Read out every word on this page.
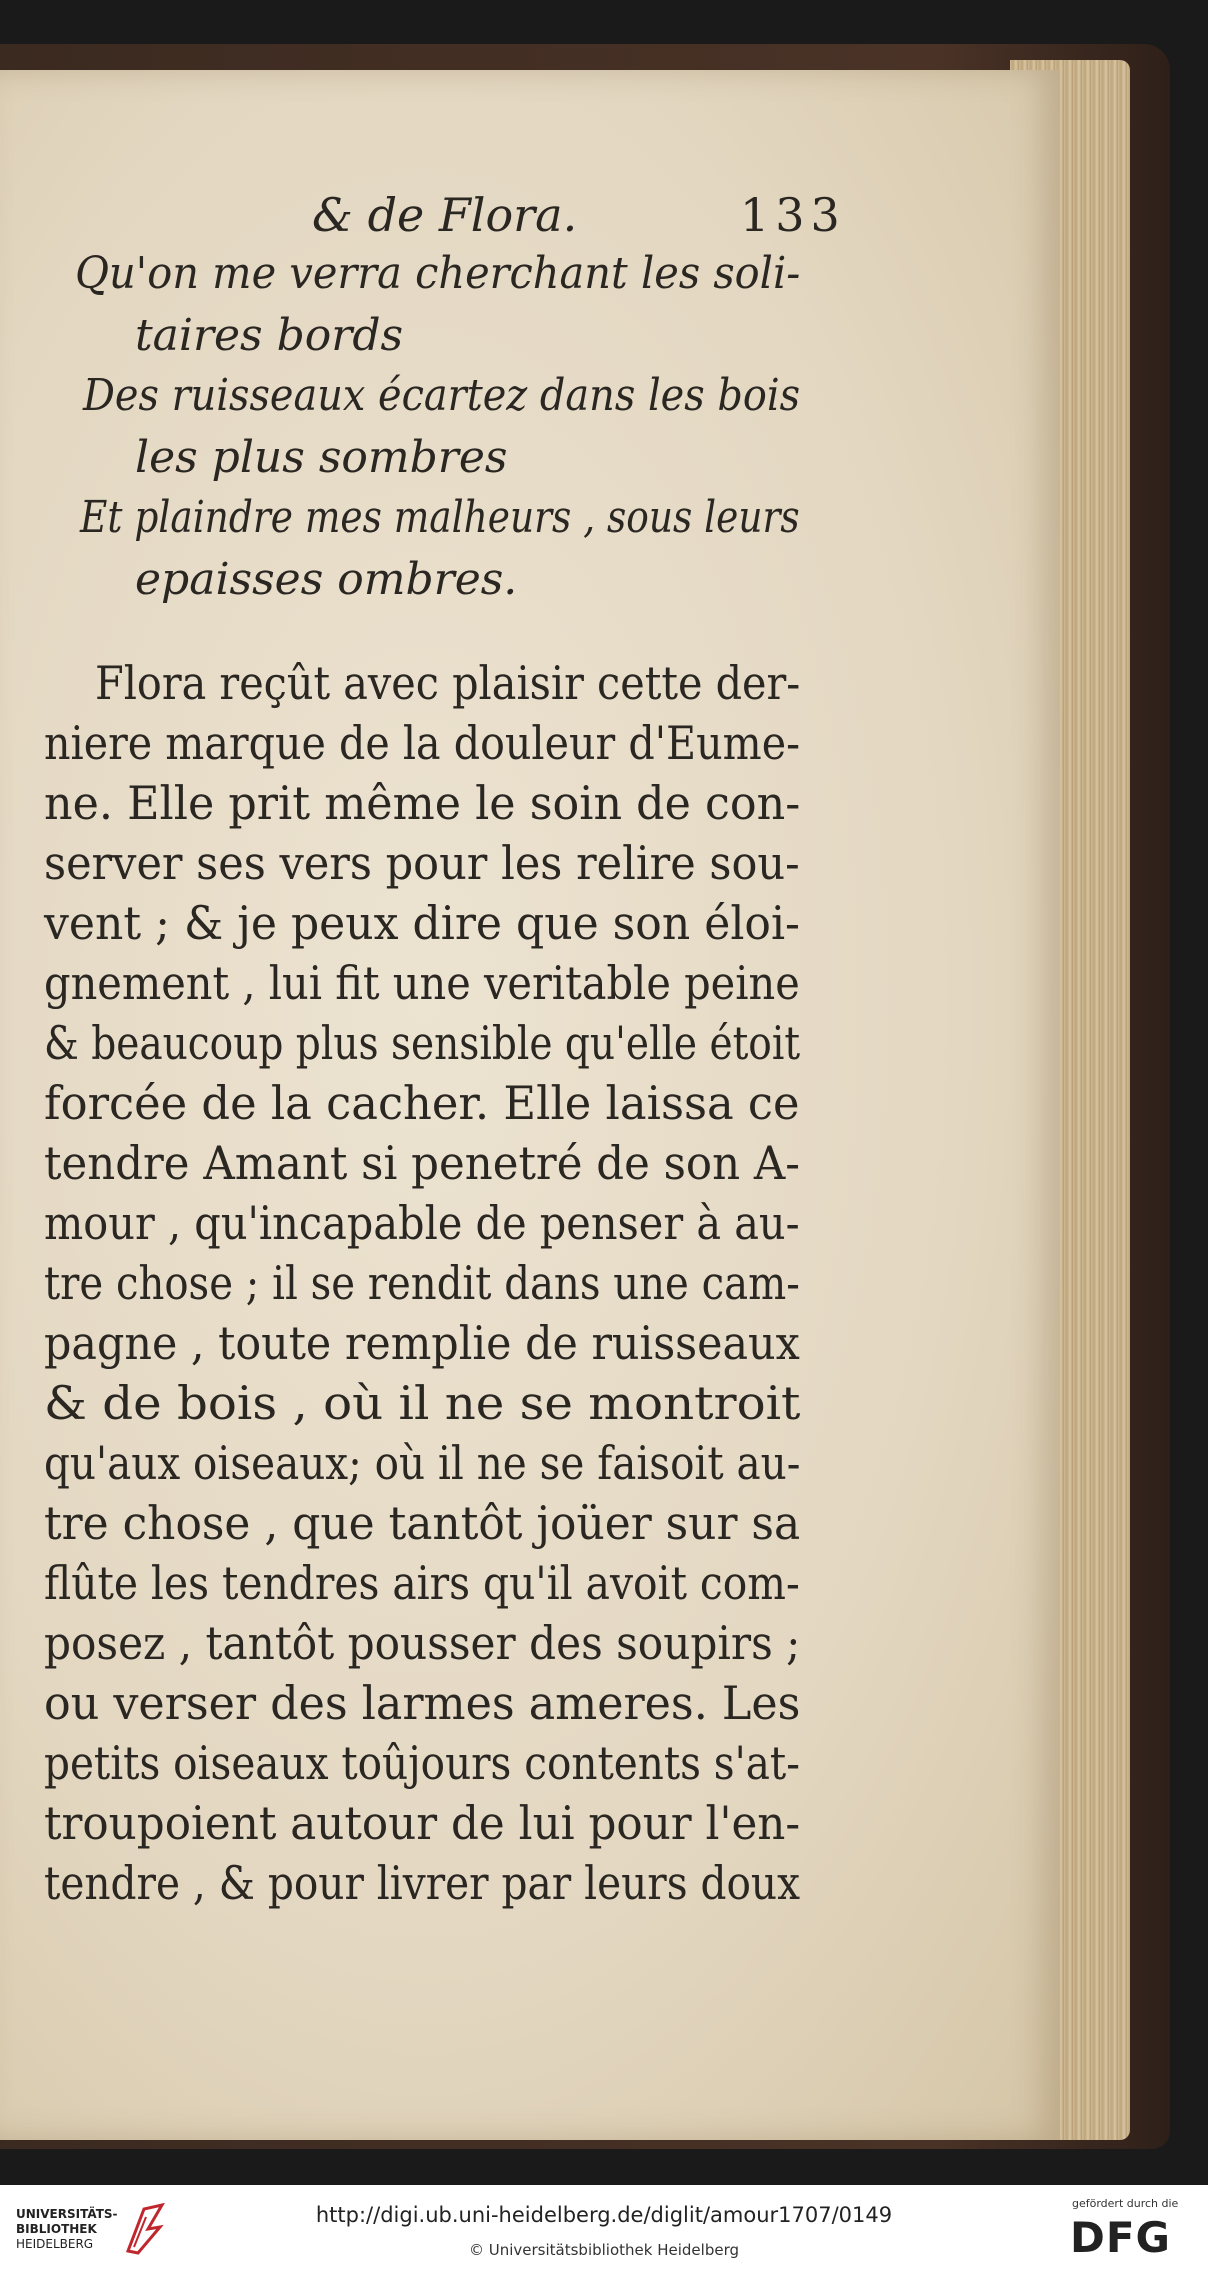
& de Flora.	133
Qu'on me verra cherchant les soli-
taires bords
Des ruisseaux écartez dans les bois
les plus sombres
Et plaindre mes malheurs , sous leurs
epaisses ombres.
Flora reçût avec plaisir cette der-
niere marque de la douleur d'Eume-
ne. Elle prit même le soin de con-
server ses vers pour les relire sou-
vent ; & je peux dire que son éloi-
gnement , lui fit une veritable peine
& beaucoup plus sensible qu'elle étoit
forcée de la cacher. Elle laissa ce
tendre Amant si penetré de son A-
mour , qu'incapable de penser à au-
tre chose ; il se rendit dans une cam-
pagne , toute remplie de ruisseaux
& de bois , où il ne se montroit
qu'aux oiseaux; où il ne se faisoit au-
tre chose , que tantôt joüer sur sa
flûte les tendres airs qu'il avoit com-
posez , tantôt pousser des soupirs ;
ou verser des larmes ameres. Les
petits oiseaux toûjours contents s'at-
troupoient autour de lui pour l'en-
tendre , & pour livrer par leurs doux
UNIVERSITÄTS-
BIBLIOTHEK
HEIDELBERG
http://digi.ub.uni-heidelberg.de/diglit/amour1707/0149
© Universitätsbibliothek Heidelberg
gefördert durch die
DFG
